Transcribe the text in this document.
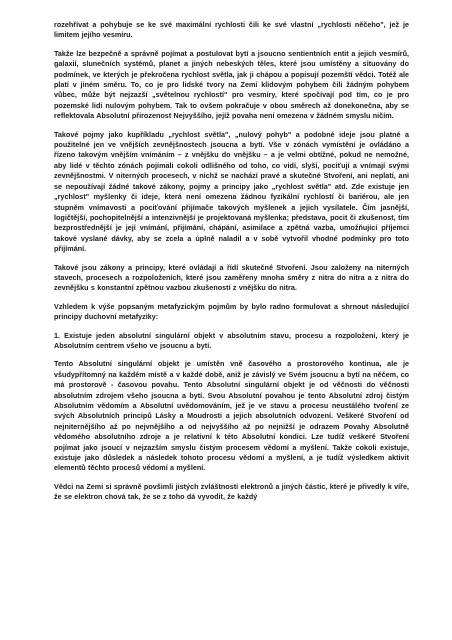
rozehřívat a pohybuje se ke své maximální rychlosti čili ke své vlastní „rychlosti něčeho", jež je limitem jejího vesmíru.

Takže lze bezpečně a správně pojímat a postulovat bytí a jsoucno sentientních entit a jejich vesmírů, galaxií, slunečních systémů, planet a jiných nebeských těles, které jsou umístěny a situovány do podmínek, ve kterých je překročena rychlost světla, jak ji chápou a popisují pozemští vědci. Totéž ale platí v jiném směru. To, co je pro lidské tvory na Zemi klidovým pohybem čili žádným pohybem vůbec, může být nejzazší „světelnou rychlostí" pro vesmíry, které spočívají pod tím, co je pro pozemské lidi nulovým pohybem. Tak to ovšem pokračuje v obou směrech až donekonečna, aby se reflektovala Absolutní přirozenost Nejvyššího, jejíž povaha není omezena v žádném smyslu ničím.

Takové pojmy jako kupříkladu „rychlost světla", „nulový pohyb" a podobné ideje jsou platné a použitelné jen ve vnějších zevnějšnostech jsoucna a bytí. Vše v zónách vymístění je ovládáno a řízeno takovým vnějším vnímáním – z vnějšku do vnějšku – a je velmi obtížné, pokud ne nemožné, aby lidé v těchto zónách pojímali cokoli odlišného od toho, co vidí, slyší, pociťují a vnímají svými zevnějšnostmi. V niterných procesech, v nichž se nachází pravé a skutečné Stvoření, ani neplatí, ani se nepoužívají žádné takové zákony, pojmy a principy jako „rychlost světla" atd. Zde existuje jen „rychlost" myšlenky či ideje, která není omezena žádnou fyzikální rychlostí či bariérou, ale jen stupněm vnímavosti a pociťování přijímače takových myšlenek a jejich vysílatele. Čím jasnější, logičtější, pochopitelnější a intenzivnější je projektovaná myšlenka; představa, pocit či zkušenost, tím bezprostřednější je její vnímání, přijímání, chápání, asimilace a zpětná vazba, umožňující příjemci takové vyslané dávky, aby se zcela a úplně naladil a v sobě vytvořil vhodné podmínky pro toto přijímání.

Takové jsou zákony a principy, které ovládají a řídí skutečné Stvoření. Jsou založeny na niterných stavech, procesech a rozpoloženích, které jsou zaměřeny mnoha směry z nitra do nitra a z nitra do zevnějšku s konstantní zpětnou vazbou zkušeností z vnějšku do nitra.

Vzhledem k výše popsaným metafyzickým pojmům by bylo radno formulovat a shrnout následující principy duchovní metafyziky:

1. Existuje jeden absolutní singulární objekt v absolutním stavu, procesu a rozpoložení, který je Absolutním centrem všeho ve jsoucnu a bytí.

Tento Absolutní singulární objekt je umístěn vně časového a prostorového kontinua, ale je všudypřítomný na každém místě a v každé době, aniž je závislý ve Svém jsoucnu a bytí na něčem, co má prostorově - časovou povahu. Tento Absolutní singulární objekt je od věčnosti do věčnosti absolutním zdrojem všeho jsoucna a bytí. Svou Absolutní povahou je tento Absolutní zdroj čistým Absolutním vědomím a Absolutní uvědomováním, jež je ve stavu a procesu neustálého tvoření ze svých Absolutních principů Lásky a Moudrosti a jejich absolutních odvození. Veškeré Stvoření od nejniternějšího až po nejvnějšího a od nejvyššího až po nejnižší je odrazem Povahy Absolutně vědomého absolutního zdroje a je relativní k této Absolutní kondici. Lze tudíž veškeré Stvoření pojímat jako jsoucí v nejzazším smyslu čistým procesem vědomí a myšlení. Takže cokoli existuje, existuje jako důsledek a následek tohoto procesu vědomí a myšlení, a je tudíž výsledkem aktivit elementů těchto procesů vědomí a myšlení.

Vědci na Zemi si správně povšimli jistých zvláštností elektronů a jiných částic, které je přivedly k víře, že se elektron chová tak, že se z toho dá vyvodit, že každý
